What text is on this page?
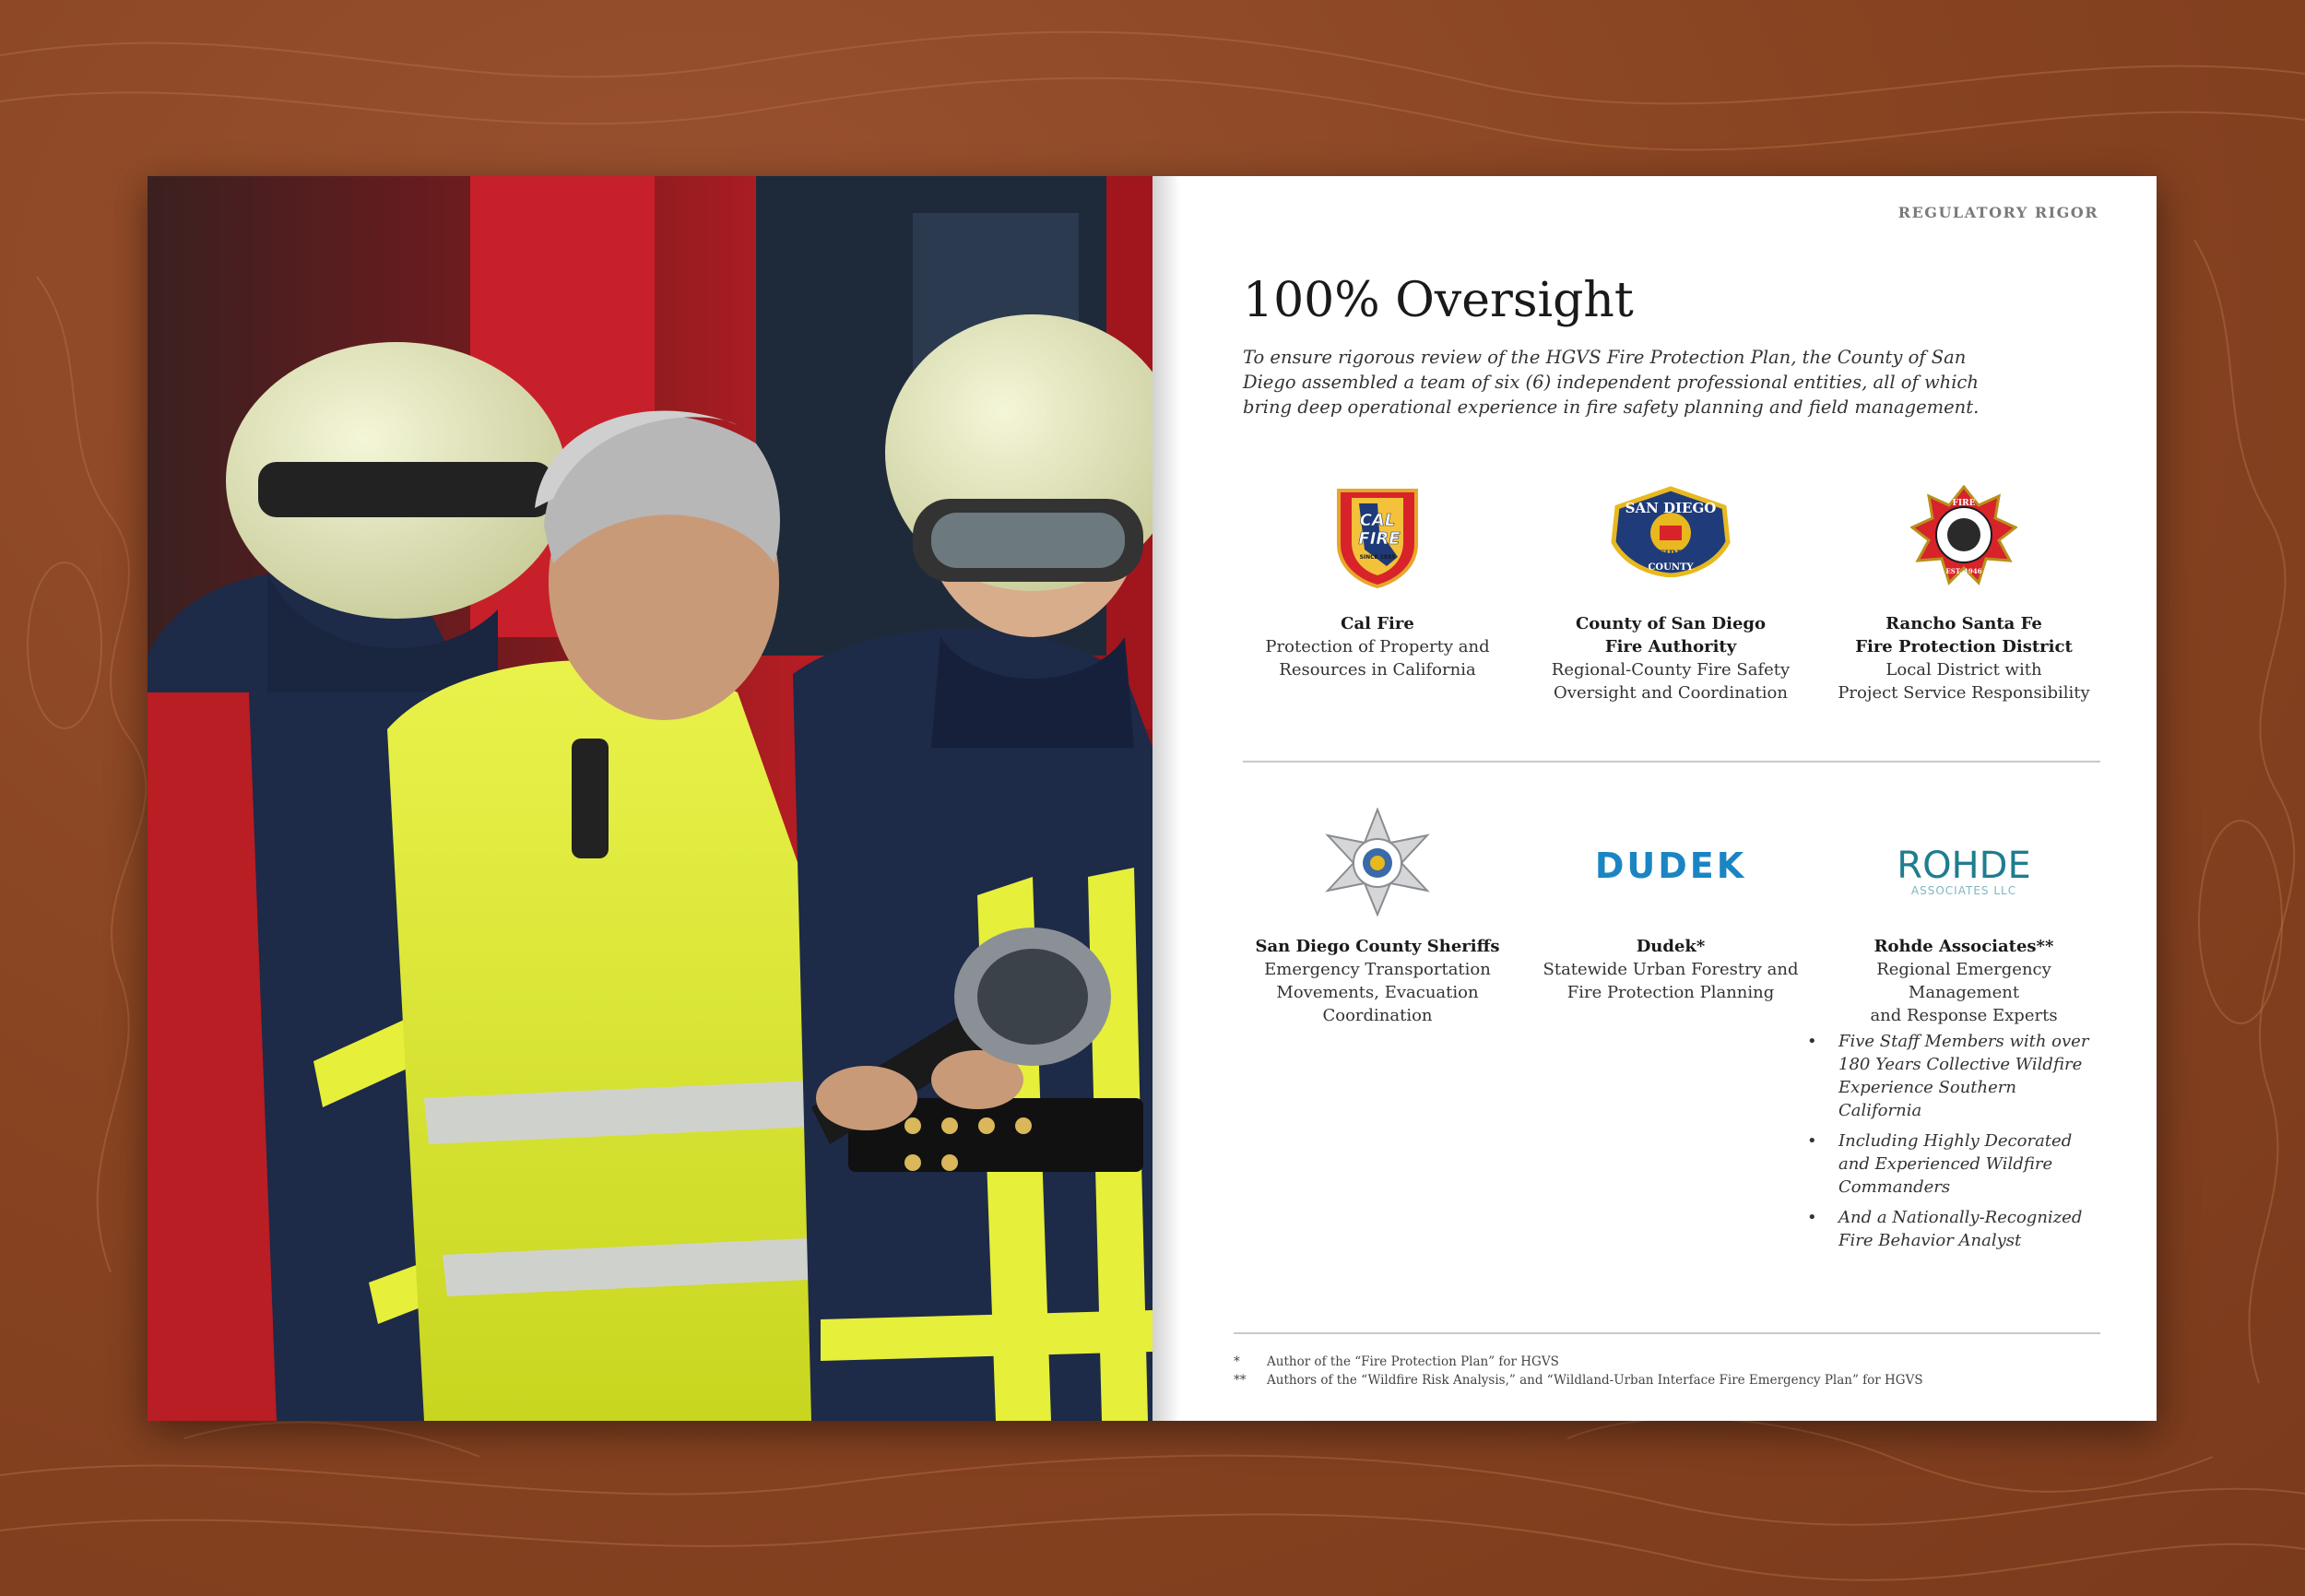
REGULATORY RIGOR

100% Oversight

To ensure rigorous review of the HGVS Fire Protection Plan, the County of San Diego assembled a team of six (6) independent professional entities, all of which bring deep operational experience in fire safety planning and field management.

CAL
FIRE
SINCE 1885

Cal Fire

Protection of Property and Resources in California

SAN DIEGO
FIRE
COUNTY

County of San Diego

Fire Authority

Regional-County Fire Safety

Oversight and Coordination

FIRE
EST. 1946

Rancho Santa Fe

Fire Protection District

Local District with

Project Service Responsibility

San Diego County Sheriffs

Emergency Transportation

Movements, Evacuation

Coordination

DUDEK

Dudek*

Statewide Urban Forestry and

Fire Protection Planning

ROHDE
ASSOCIATES LLC

Rohde Associates**

Regional Emergency Management

and Response Experts

• Five Staff Members with over 180 Years Collective Wildfire Experience Southern California
• Including Highly Decorated and Experienced Wildfire Commanders
• And a Nationally-Recognized Fire Behavior Analyst
*	Author of the “Fire Protection Plan” for HGVS
**	Authors of the “Wildfire Risk Analysis,” and “Wildland-Urban Interface Fire Emergency Plan” for HGVS
